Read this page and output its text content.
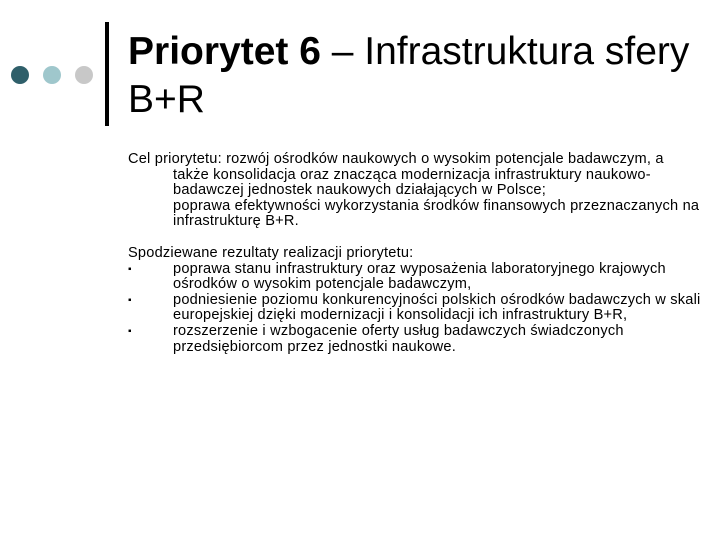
Priorytet 6 – Infrastruktura sfery B+R

Cel priorytetu: rozwój ośrodków naukowych o wysokim potencjale badawczym, a także konsolidacja oraz znacząca modernizacja infrastruktury naukowo-badawczej jednostek naukowych działających w Polsce;

poprawa efektywności wykorzystania środków finansowych przeznaczanych na infrastrukturę B+R.

Spodziewane rezultaty realizacji priorytetu:

▪	poprawa stanu infrastruktury oraz wyposażenia laboratoryjnego krajowych ośrodków o wysokim potencjale badawczym,

▪	podniesienie poziomu konkurencyjności polskich ośrodków badawczych w skali europejskiej dzięki modernizacji i konsolidacji ich infrastruktury B+R,

▪	rozszerzenie i wzbogacenie oferty usług badawczych świadczonych przedsiębiorcom przez jednostki naukowe.
